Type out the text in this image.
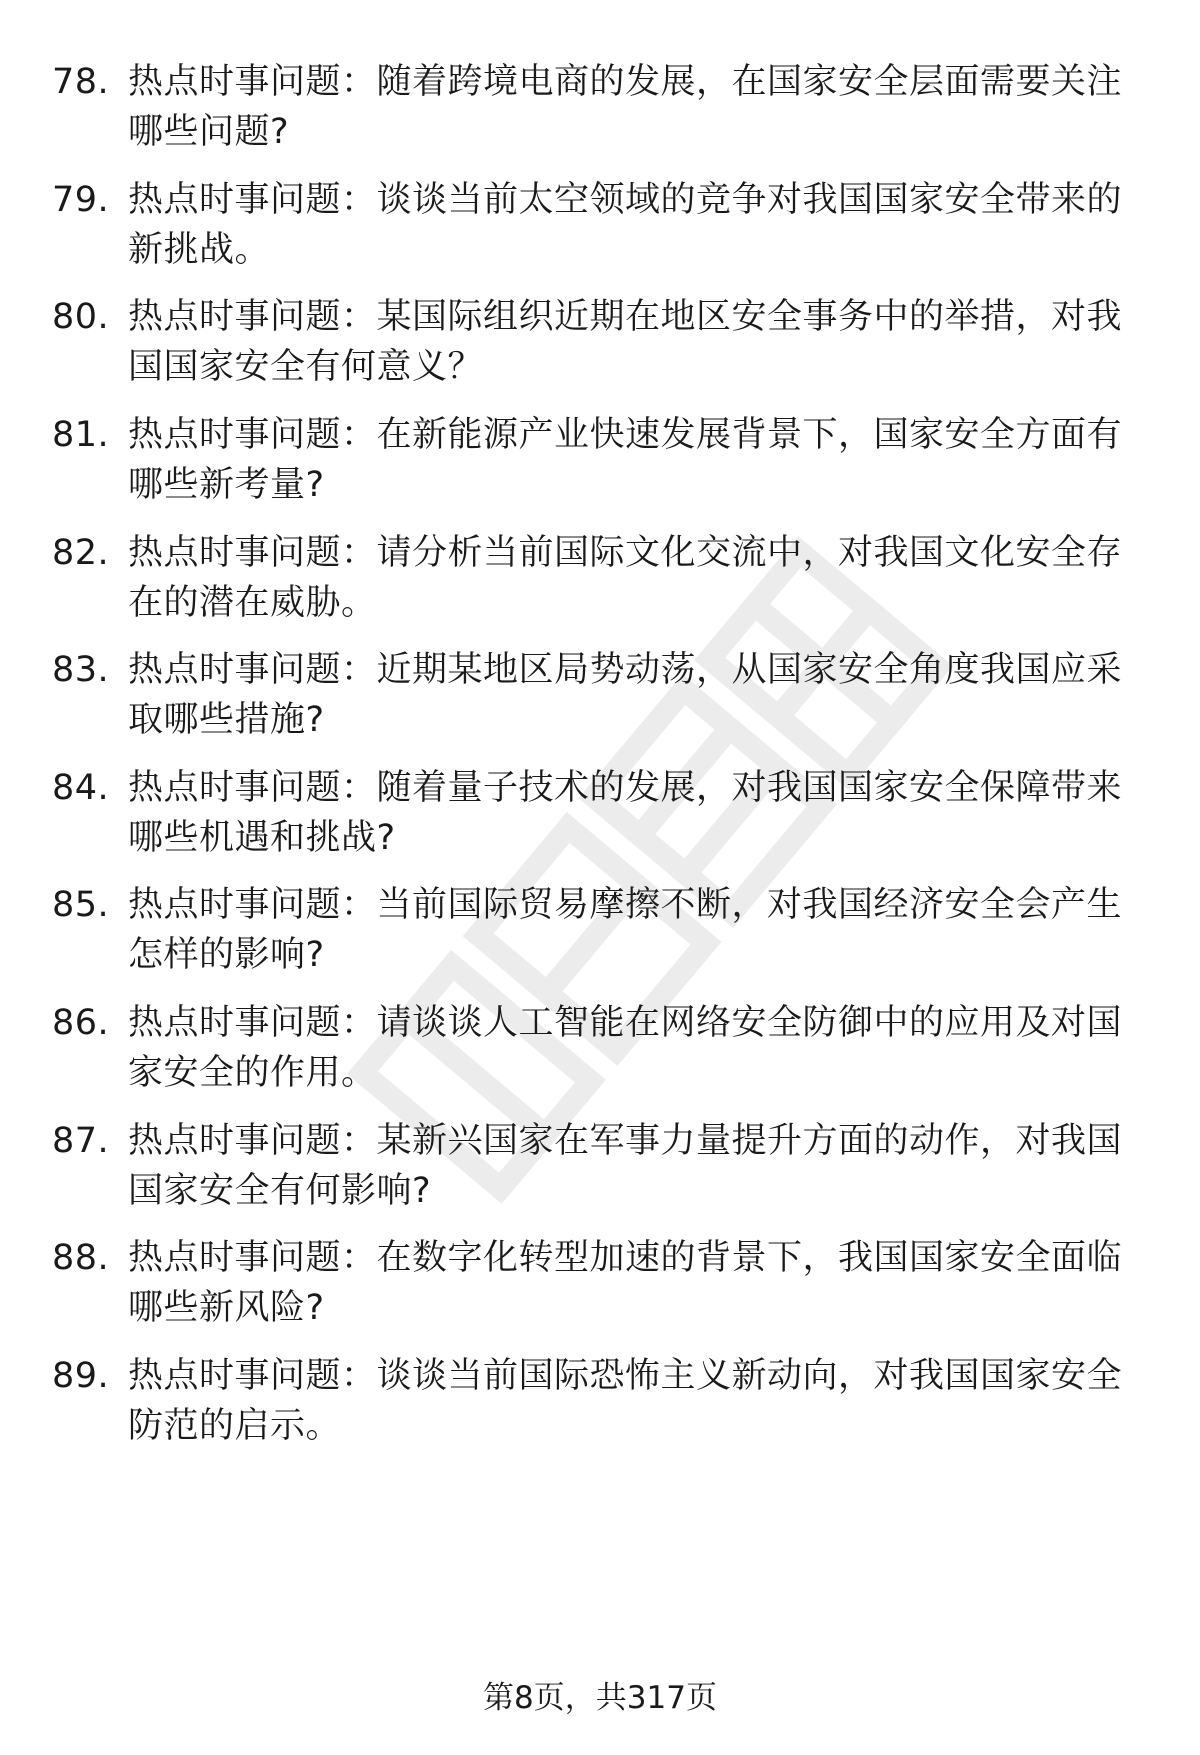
78. 热点时事问题：随着跨境电商的发展，在国家安全层面需要关注哪些问题?
79. 热点时事问题：谈谈当前太空领域的竞争对我国国家安全带来的新挑战。
80. 热点时事问题：某国际组织近期在地区安全事务中的举措，对我国国家安全有何意义？
81. 热点时事问题：在新能源产业快速发展背景下，国家安全方面有哪些新考量?
82. 热点时事问题：请分析当前国际文化交流中，对我国文化安全存在的潜在威胁。
83. 热点时事问题：近期某地区局势动荡，从国家安全角度我国应采取哪些措施?
84. 热点时事问题：随着量子技术的发展，对我国国家安全保障带来哪些机遇和挑战?
85. 热点时事问题：当前国际贸易摩擦不断，对我国经济安全会产生怎样的影响?
86. 热点时事问题：请谈谈人工智能在网络安全防御中的应用及对国家安全的作用。
87. 热点时事问题：某新兴国家在军事力量提升方面的动作，对我国国家安全有何影响?
88. 热点时事问题：在数字化转型加速的背景下，我国国家安全面临哪些新风险?
89. 热点时事问题：谈谈当前国际恐怖主义新动向，对我国国家安全防范的启示。
第8页，共317页
